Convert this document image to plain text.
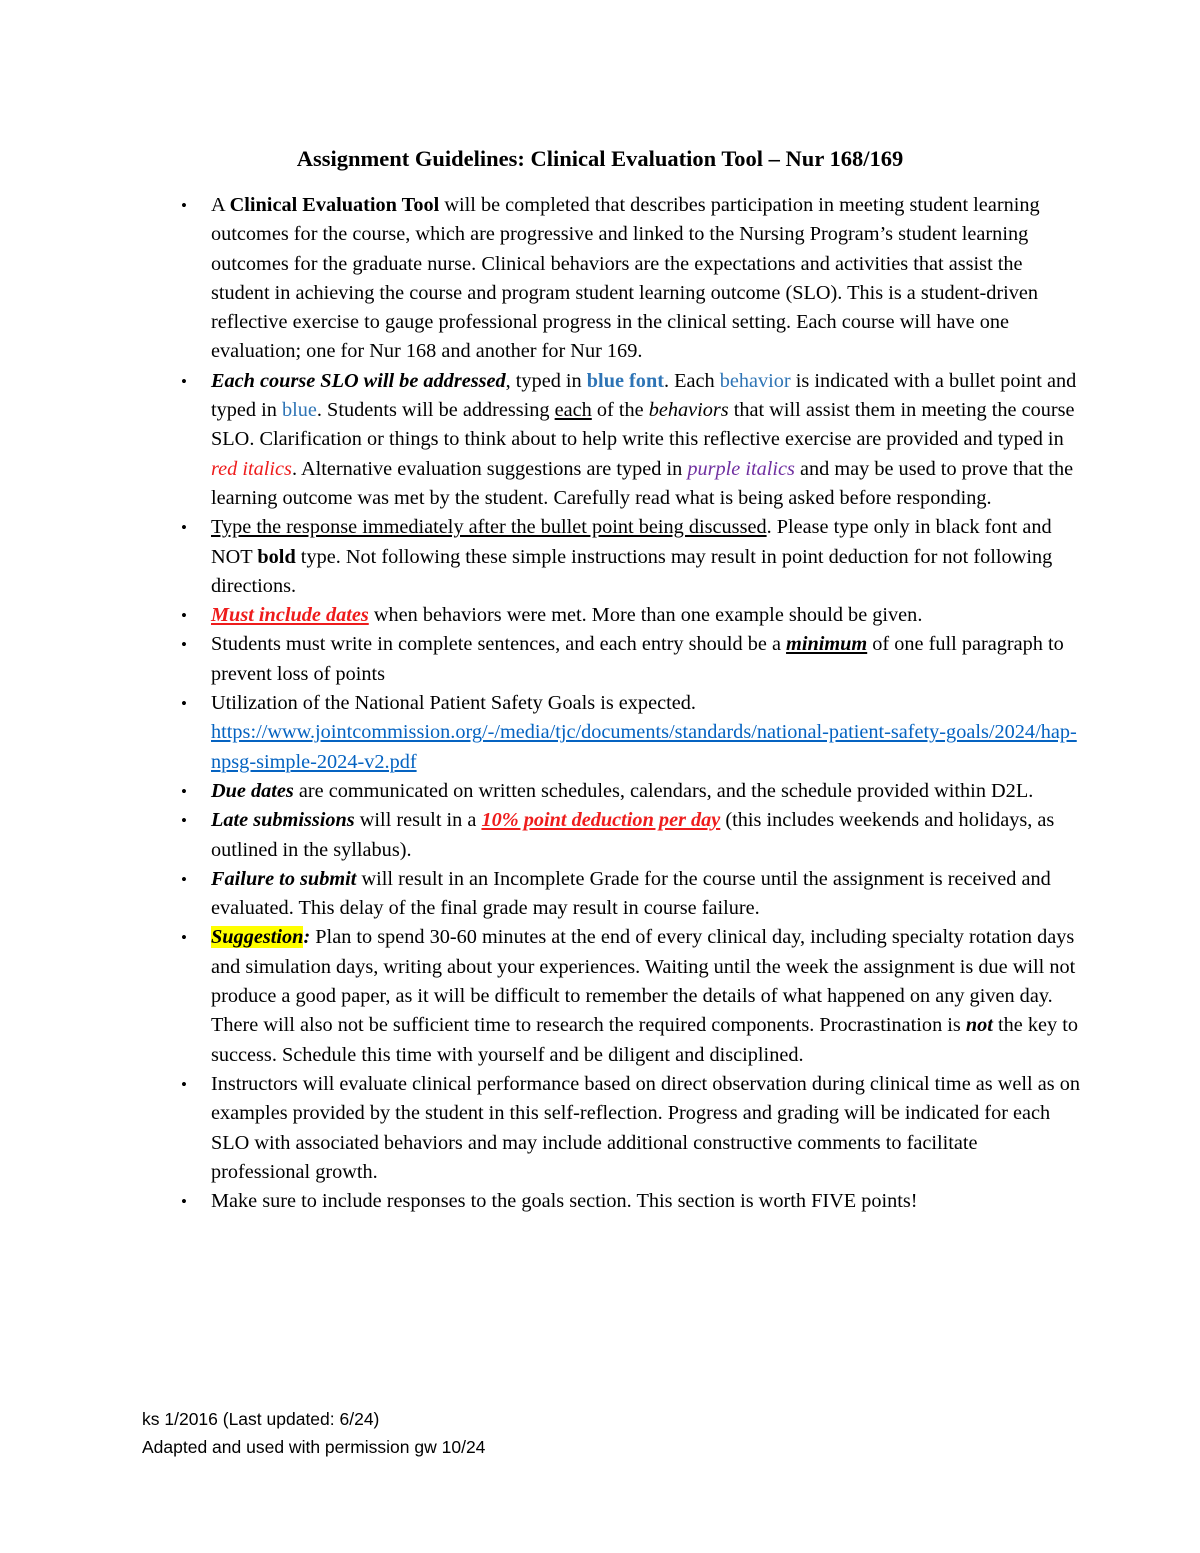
Assignment Guidelines: Clinical Evaluation Tool – Nur 168/169
•	A Clinical Evaluation Tool will be completed that describes participation in meeting student learning outcomes for the course, which are progressive and linked to the Nursing Program’s student learning outcomes for the graduate nurse. Clinical behaviors are the expectations and activities that assist the student in achieving the course and program student learning outcome (SLO). This is a student-driven reflective exercise to gauge professional progress in the clinical setting. Each course will have one evaluation; one for Nur 168 and another for Nur 169.
•	Each course SLO will be addressed, typed in blue font. Each behavior is indicated with a bullet point and typed in blue. Students will be addressing each of the behaviors that will assist them in meeting the course SLO. Clarification or things to think about to help write this reflective exercise are provided and typed in red italics. Alternative evaluation suggestions are typed in purple italics and may be used to prove that the learning outcome was met by the student. Carefully read what is being asked before responding.
•	Type the response immediately after the bullet point being discussed. Please type only in black font and NOT bold type. Not following these simple instructions may result in point deduction for not following directions.
•	Must include dates when behaviors were met. More than one example should be given.
•	Students must write in complete sentences, and each entry should be a minimum of one full paragraph to prevent loss of points
•	Utilization of the National Patient Safety Goals is expected. https://www.jointcommission.org/-/media/tjc/documents/standards/national-patient-safety-goals/2024/hap-npsg-simple-2024-v2.pdf
•	Due dates are communicated on written schedules, calendars, and the schedule provided within D2L.
•	Late submissions will result in a 10% point deduction per day (this includes weekends and holidays, as outlined in the syllabus).
•	Failure to submit will result in an Incomplete Grade for the course until the assignment is received and evaluated. This delay of the final grade may result in course failure.
•	Suggestion: Plan to spend 30-60 minutes at the end of every clinical day, including specialty rotation days and simulation days, writing about your experiences. Waiting until the week the assignment is due will not produce a good paper, as it will be difficult to remember the details of what happened on any given day. There will also not be sufficient time to research the required components. Procrastination is not the key to success. Schedule this time with yourself and be diligent and disciplined.
•	Instructors will evaluate clinical performance based on direct observation during clinical time as well as on examples provided by the student in this self-reflection. Progress and grading will be indicated for each SLO with associated behaviors and may include additional constructive comments to facilitate professional growth.
•	Make sure to include responses to the goals section. This section is worth FIVE points!
ks 1/2016 (Last updated: 6/24)
Adapted and used with permission gw 10/24
